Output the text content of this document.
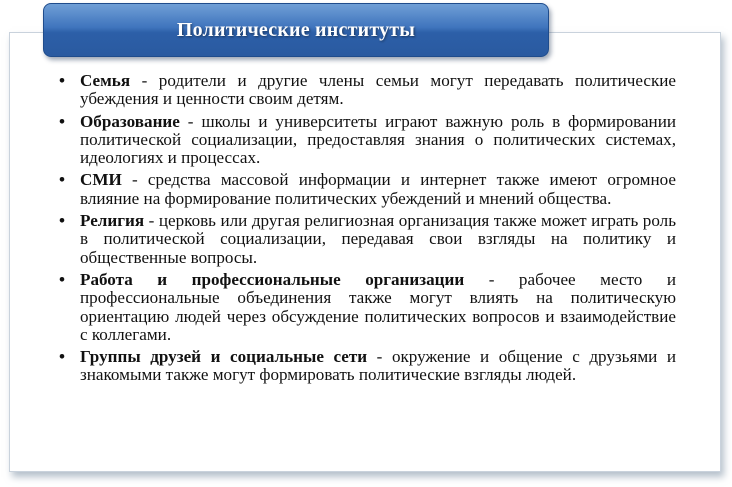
Политические институты
• Семья - родители и другие члены семьи могут передавать политические убеждения и ценности своим детям.
• Образование - школы и университеты играют важную роль в формировании политической социализации, предоставляя знания о политических системах, идеологиях и процессах.
• СМИ - средства массовой информации и интернет также имеют огромное влияние на формирование политических убеждений и мнений общества.
• Религия - церковь или другая религиозная организация также может играть роль в политической социализации, передавая свои взгляды на политику и общественные вопросы.
• Работа и профессиональные организации - рабочее место и профессиональные объединения также могут влиять на политическую ориентацию людей через обсуждение политических вопросов и взаимодействие с коллегами.
• Группы друзей и социальные сети - окружение и общение с друзьями и знакомыми также могут формировать политические взгляды людей.
